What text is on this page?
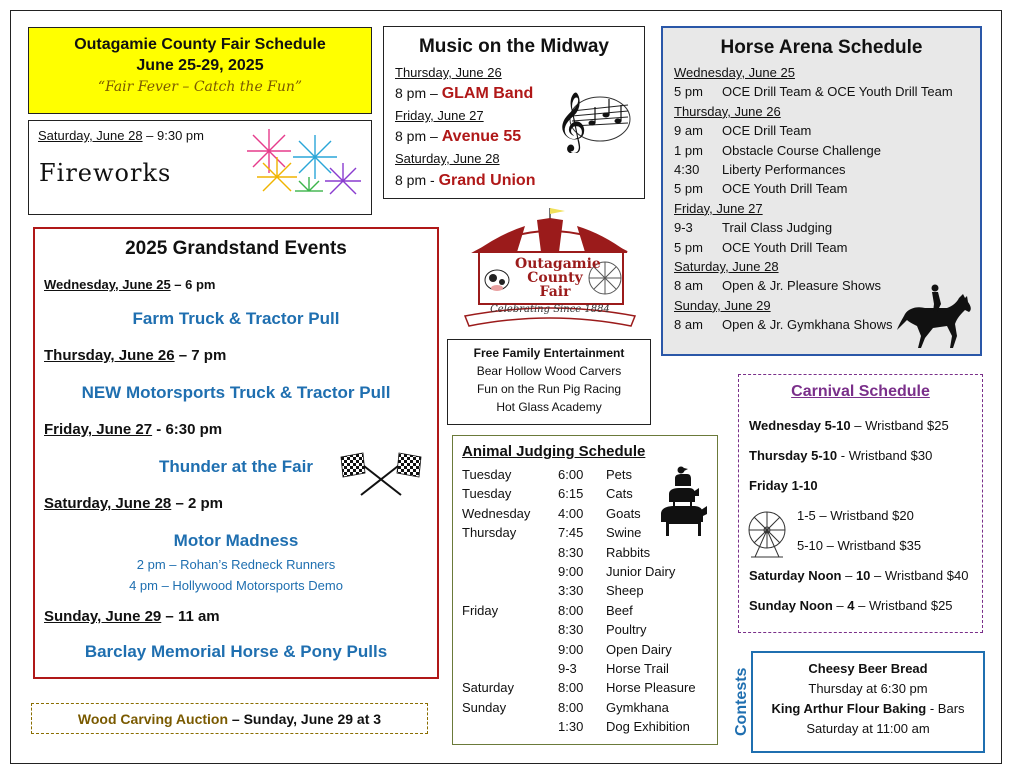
Outagamie County Fair Schedule
June 25-29, 2025
“Fair Fever – Catch the Fun”
Saturday, June 28 – 9:30 pm
Fireworks
Music on the Midway
Thursday, June 26
8 pm – GLAM Band
Friday, June 27
8 pm – Avenue 55
Saturday, June 28
8 pm - Grand Union
𝄞
Horse Arena Schedule
Wednesday, June 25
5 pm OCE Drill Team & OCE Youth Drill Team
Thursday, June 26
9 am OCE Drill Team
1 pm Obstacle Course Challenge
4:30 Liberty Performances
5 pm OCE Youth Drill Team
Friday, June 27
9-3 Trail Class Judging
5 pm OCE Youth Drill Team
Saturday, June 28
8 am Open & Jr. Pleasure Shows
Sunday, June 29
8 am Open & Jr. Gymkhana Shows
2025 Grandstand Events
Wednesday, June 25 – 6 pm
Farm Truck & Tractor Pull
Thursday, June 26 – 7 pm
NEW Motorsports Truck & Tractor Pull
Friday, June 27 - 6:30 pm
Thunder at the Fair
Saturday, June 28 – 2 pm
Motor Madness
2 pm – Rohan’s Redneck Runners
4 pm – Hollywood Motorsports Demo
Sunday, June 29 – 11 am
Barclay Memorial Horse & Pony Pulls
Outagamie
County
Fair
Celebrating Since 1884
Free Family Entertainment
Bear Hollow Wood Carvers
Fun on the Run Pig Racing
Hot Glass Academy
Animal Judging Schedule
Tuesday	6:00 Pets
Tuesday	6:15 Cats
Wednesday 4:00 Goats
Thursday	7:45 Swine
8:30 Rabbits
9:00 Junior Dairy
3:30 Sheep
Friday	8:00 Beef
8:30 Poultry
9:00 Open Dairy
9-3 Horse Trail
Saturday	8:00 Horse Pleasure
Sunday	8:00 Gymkhana
1:30 Dog Exhibition
Carnival Schedule
Wednesday 5-10 – Wristband $25
Thursday 5-10 - Wristband $30
Friday 1-10
1-5 – Wristband $20
5-10 – Wristband $35
Saturday Noon – 10 – Wristband $40
Sunday Noon – 4 – Wristband $25
Contests	Cheesy Beer Bread
Thursday at 6:30 pm
King Arthur Flour Baking - Bars
Saturday at 11:00 am
Wood Carving Auction – Sunday, June 29 at 3
